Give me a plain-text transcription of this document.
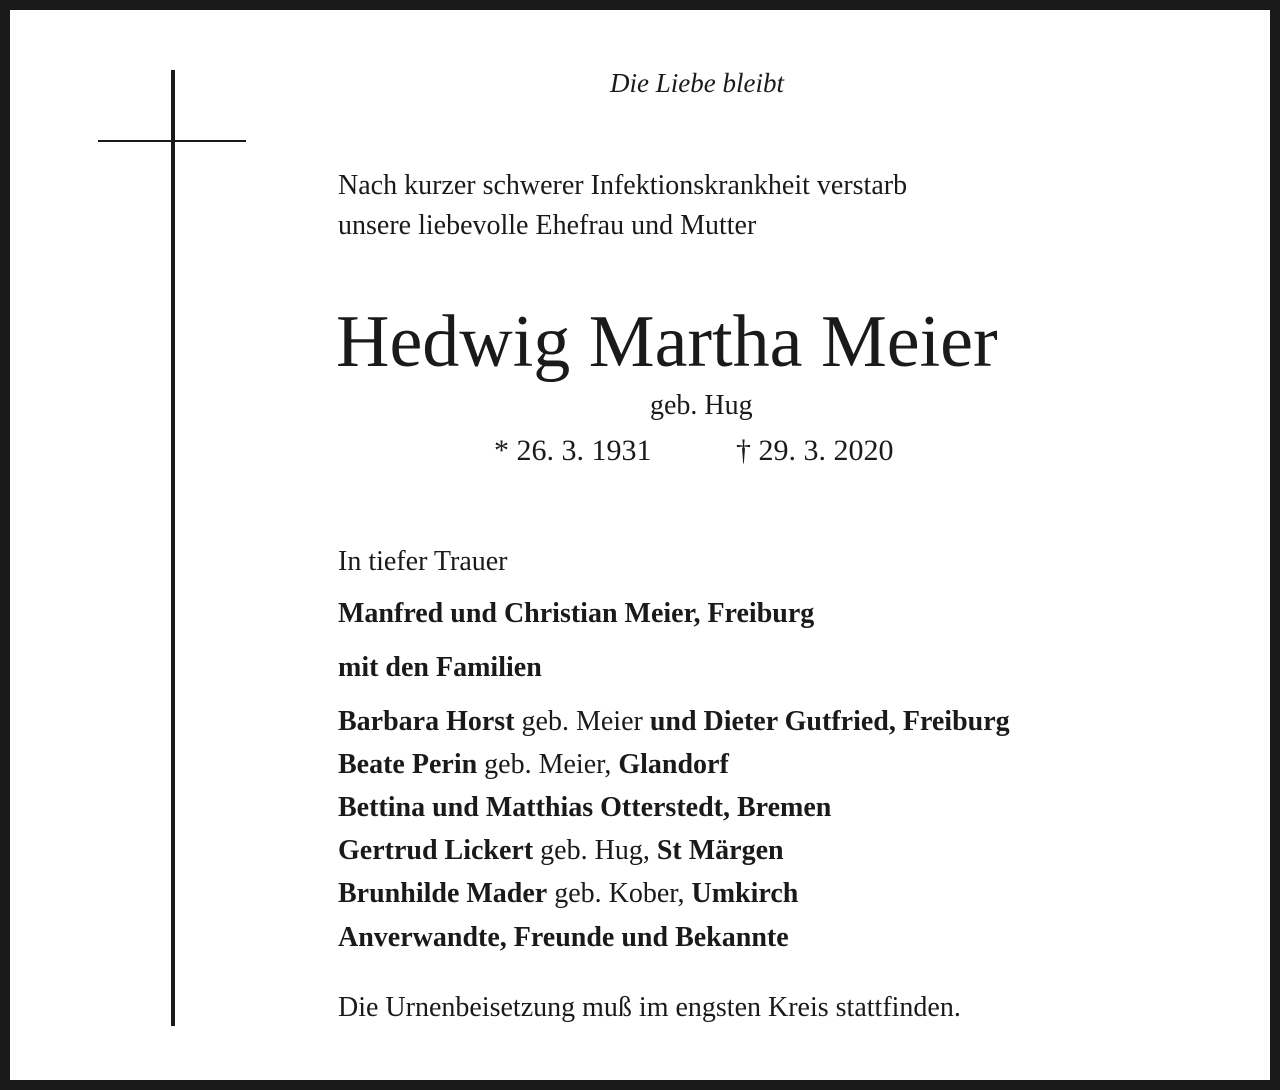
Die Liebe bleibt
Nach kurzer schwerer Infektionskrankheit verstarb
unsere liebevolle Ehefrau und Mutter
Hedwig Martha Meier
geb. Hug
* 26. 3. 1931	† 29. 3. 2020
In tiefer Trauer
Manfred und Christian Meier, Freiburg
mit den Familien
Barbara Horst geb. Meier und Dieter Gutfried, Freiburg
Beate Perin geb. Meier, Glandorf
Bettina und Matthias Otterstedt, Bremen
Gertrud Lickert geb. Hug, St Märgen
Brunhilde Mader geb. Kober, Umkirch
Anverwandte, Freunde und Bekannte
Die Urnenbeisetzung muß im engsten Kreis stattfinden.
